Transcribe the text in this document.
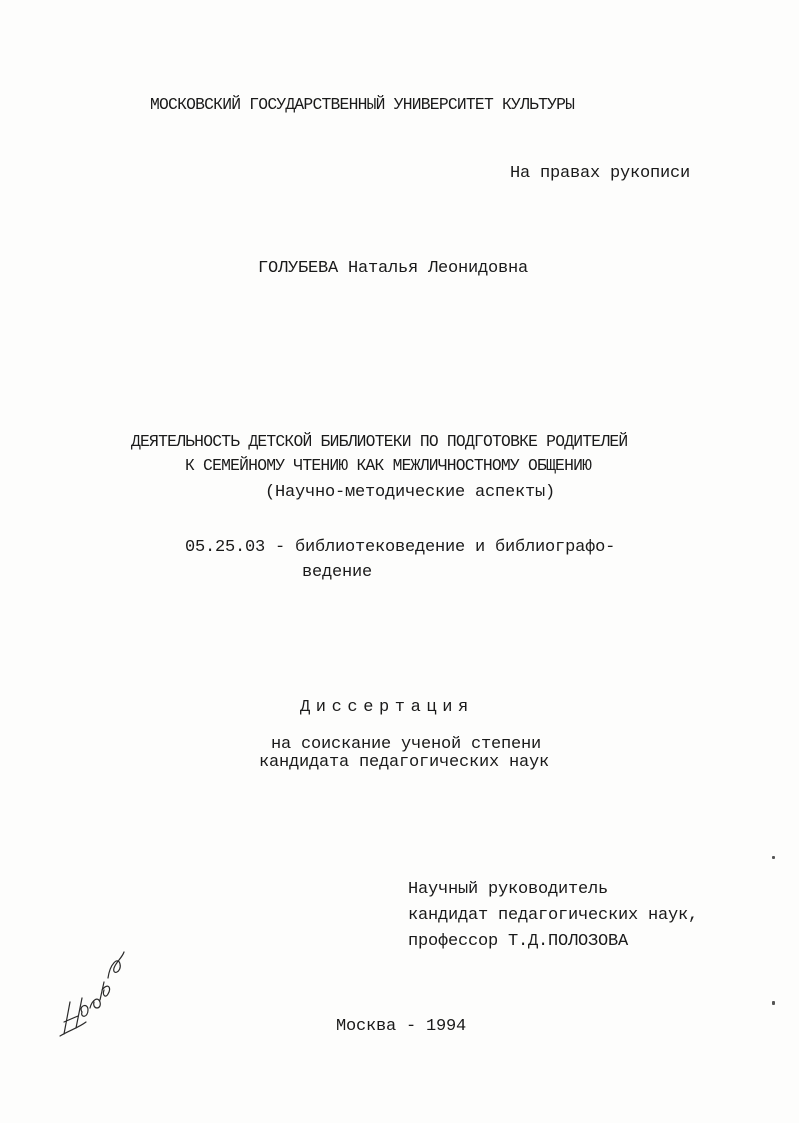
МОСКОВСКИЙ ГОСУДАРСТВЕННЫЙ УНИВЕРСИТЕТ КУЛЬТУРЫ
На правах рукописи
ГОЛУБЕВА Наталья Леонидовна
ДЕЯТЕЛЬНОСТЬ ДЕТСКОЙ БИБЛИОТЕКИ ПО ПОДГОТОВКЕ РОДИТЕЛЕЙ
К СЕМЕЙНОМУ ЧТЕНИЮ КАК МЕЖЛИЧНОСТНОМУ ОБЩЕНИЮ
(Научно-методические аспекты)
05.25.03 - библиотековедение и библиографо-
ведение
Диссертация
на соискание ученой степени
кандидата педагогических наук
Научный руководитель
кандидат педагогических наук,
профессор Т.Д.ПОЛОЗОВА
Москва - 1994
